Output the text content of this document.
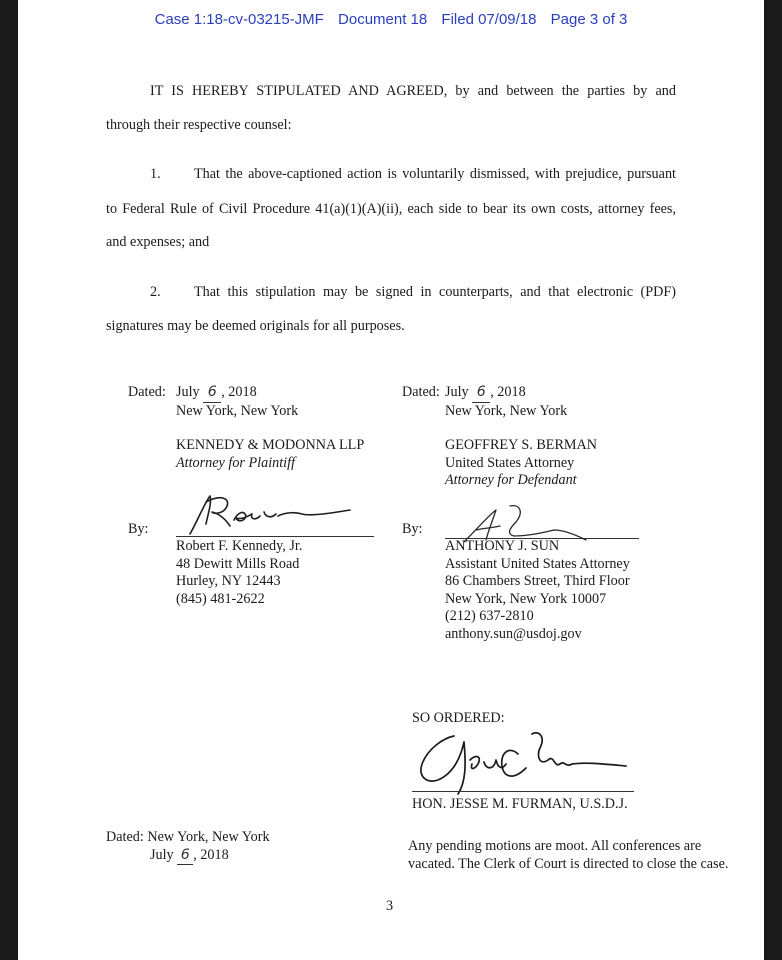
Case 1:18-cv-03215-JMF Document 18 Filed 07/09/18 Page 3 of 3
IT IS HEREBY STIPULATED AND AGREED, by and between the parties by and
through their respective counsel:
1. That the above-captioned action is voluntarily dismissed, with prejudice, pursuant
to Federal Rule of Civil Procedure 41(a)(1)(A)(ii), each side to bear its own costs, attorney fees,
and expenses; and
2. That this stipulation may be signed in counterparts, and that electronic (PDF)
signatures may be deemed originals for all purposes.
Dated: July 6 , 2018
New York, New York
KENNEDY & MODONNA LLP
Attorney for Plaintiff
By:
Robert F. Kennedy, Jr.
48 Dewitt Mills Road
Hurley, NY 12443
(845) 481-2622
Dated: July 6 , 2018
New York, New York
GEOFFREY S. BERMAN
United States Attorney
Attorney for Defendant
By:
ANTHONY J. SUN
Assistant United States Attorney
86 Chambers Street, Third Floor
New York, New York 10007
(212) 637-2810
anthony.sun@usdoj.gov
SO ORDERED:
HON. JESSE M. FURMAN, U.S.D.J.
Dated: New York, New York
July 6 , 2018
Any pending motions are moot. All conferences are
vacated. The Clerk of Court is directed to close the case.
3
